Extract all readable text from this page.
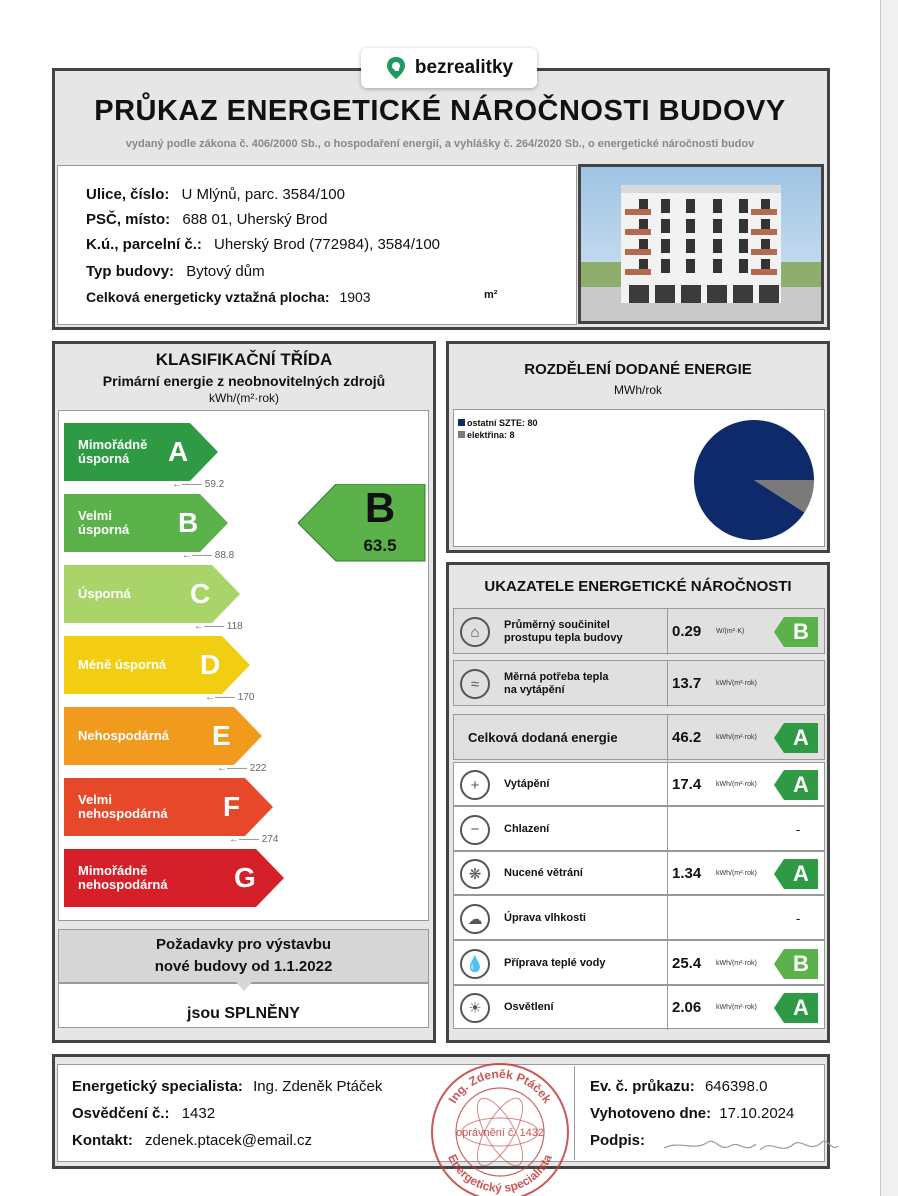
bezrealitky
PRŮKAZ ENERGETICKÉ NÁROČNOSTI BUDOVY
vydaný podle zákona č. 406/2000 Sb., o hospodaření energií, a vyhlášky č. 264/2020 Sb., o energetické náročnosti budov
Ulice, číslo: U Mlýnů, parc. 3584/100
PSČ, místo: 688 01, Uherský Brod
K.ú., parcelní č.: Uherský Brod (772984), 3584/100
Typ budovy: Bytový dům
Celková energeticky vztažná plocha: 1903	m²
KLASIFIKAČNÍ TŘÍDA
Primární energie z neobnovitelných zdrojů
kWh/(m²·rok)
Mimořádně
úsporná	A
←—— 59.2
Velmi
úsporná B
←—— 88.8
Úsporná C
←—— 118
Méně úsporná D
←—— 170
Nehospodárná E
←—— 222
Velmi
nehospodárná F
←—— 274
Mimořádně
nehospodárná G
B
63.5
Požadavky pro výstavbu
nové budovy od 1.1.2022
jsou SPLNĚNY
ROZDĚLENÍ DODANÉ ENERGIE
MWh/rok
ostatní SZTE: 80
elektřina: 8
UKAZATELE ENERGETICKÉ NÁROČNOSTI
⌂	Průměrný součinitel
prostupu tepla budovy	0.29 W/(m²·K)	B
≈	Měrná potřeba tepla
na vytápění	13.7 kWh/(m²·rok)
Celková dodaná energie	46.2 kWh/(m²·rok)	A
+	Vytápění	17.4 kWh/(m²·rok)	A
−	Chlazení	-
❋	Nucené větrání	1.34 kWh/(m²·rok)	A
☁	Úprava vlhkosti	-
💧	Příprava teplé vody	25.4 kWh/(m²·rok)	B
☀	Osvětlení	2.06 kWh/(m²·rok)	A
Energetický specialista: Ing. Zdeněk Ptáček
Osvědčení č.: 1432
Kontakt: zdenek.ptacek@email.cz
Ev. č. průkazu: 646398.0
Vyhotoveno dne: 17.10.2024
Podpis:
Ing. Zdeněk Ptáček
oprávnění č. 1432
Energetický specialista
